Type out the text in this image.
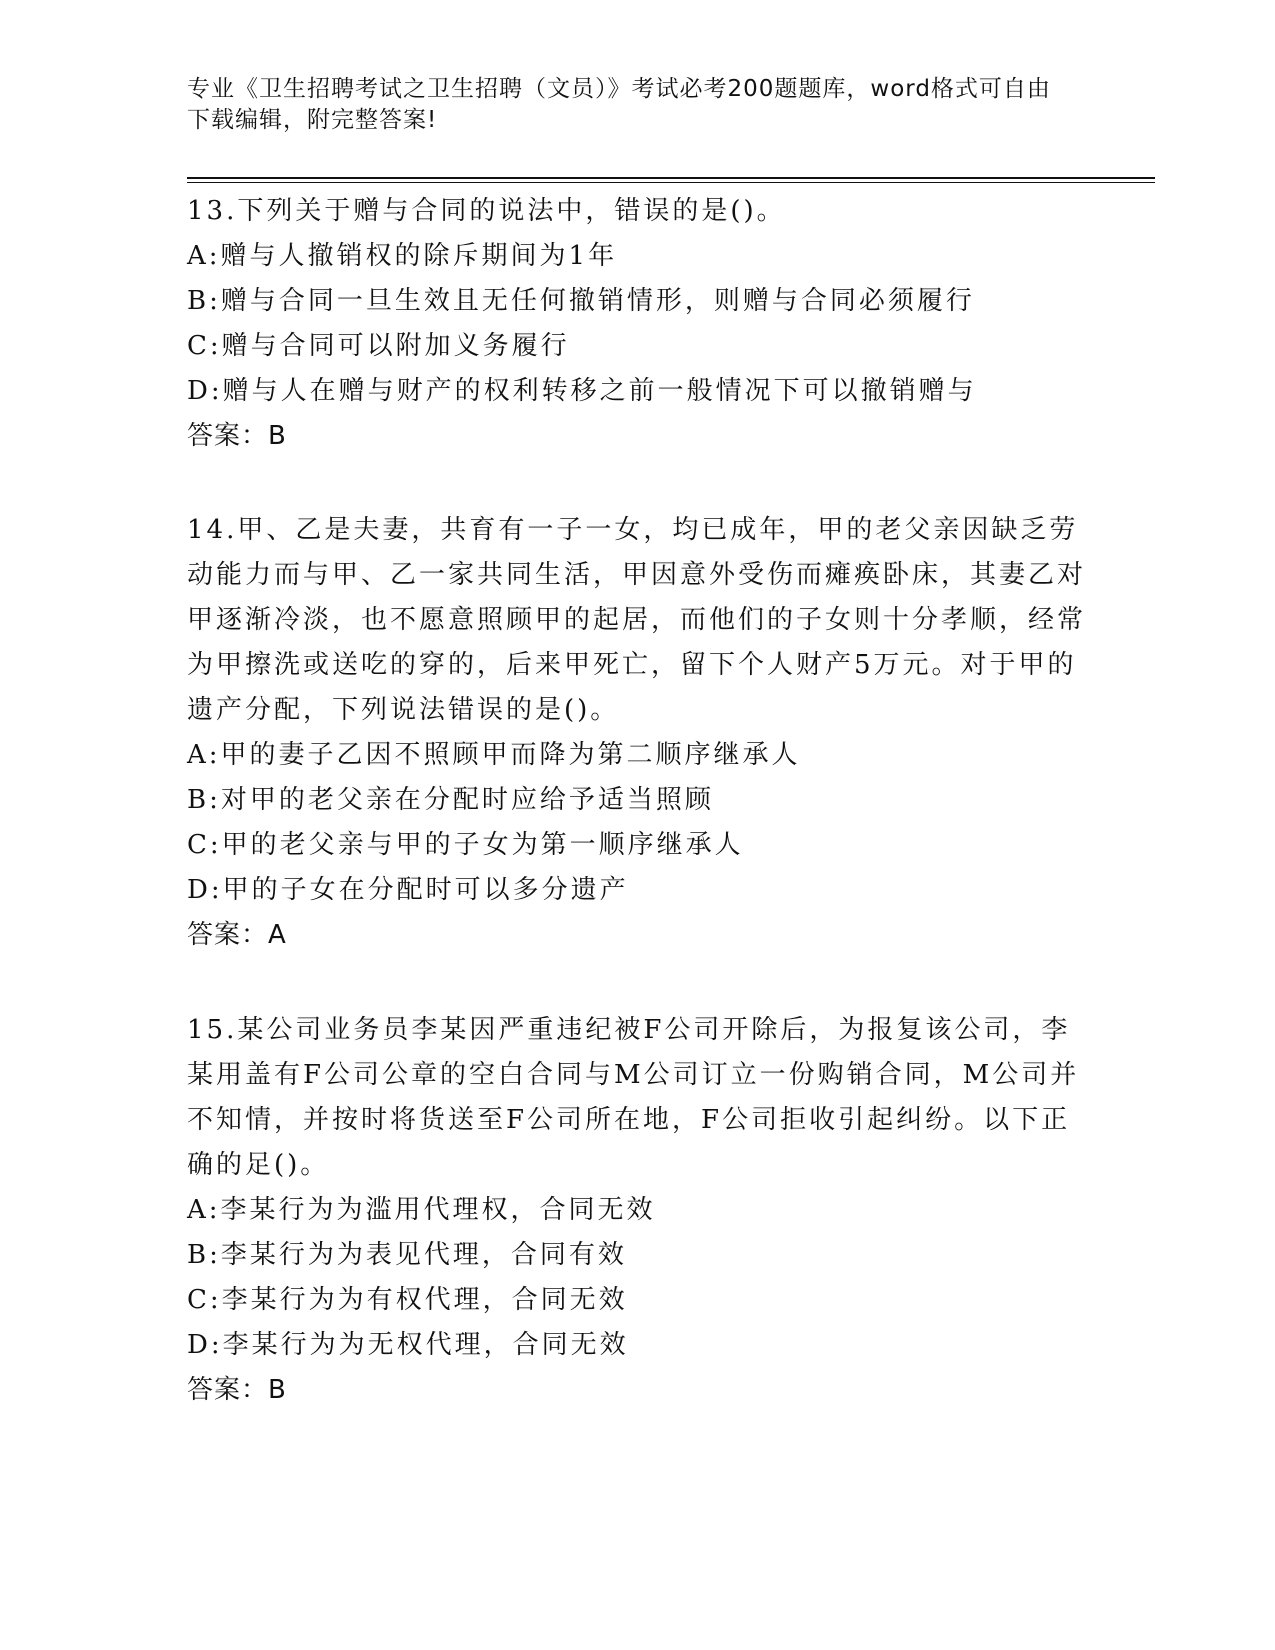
专业《卫生招聘考试之卫生招聘（文员）》考试必考200题题库，word格式可自由下载编辑，附完整答案!
13.下列关于赠与合同的说法中，错误的是()。
A:赠与人撤销权的除斥期间为1年
B:赠与合同一旦生效且无任何撤销情形，则赠与合同必须履行
C:赠与合同可以附加义务履行
D:赠与人在赠与财产的权利转移之前一般情况下可以撤销赠与
答案：B
14.甲、乙是夫妻，共育有一子一女，均已成年，甲的老父亲因缺乏劳动能力而与甲、乙一家共同生活，甲因意外受伤而瘫痪卧床，其妻乙对甲逐渐冷淡，也不愿意照顾甲的起居，而他们的子女则十分孝顺，经常为甲擦洗或送吃的穿的，后来甲死亡，留下个人财产5万元。对于甲的遗产分配，下列说法错误的是()。
A:甲的妻子乙因不照顾甲而降为第二顺序继承人
B:对甲的老父亲在分配时应给予适当照顾
C:甲的老父亲与甲的子女为第一顺序继承人
D:甲的子女在分配时可以多分遗产
答案：A
15.某公司业务员李某因严重违纪被F公司开除后，为报复该公司，李某用盖有F公司公章的空白合同与M公司订立一份购销合同，M公司并不知情，并按时将货送至F公司所在地，F公司拒收引起纠纷。以下正确的足()。
A:李某行为为滥用代理权，合同无效
B:李某行为为表见代理，合同有效
C:李某行为为有权代理，合同无效
D:李某行为为无权代理，合同无效
答案：B
